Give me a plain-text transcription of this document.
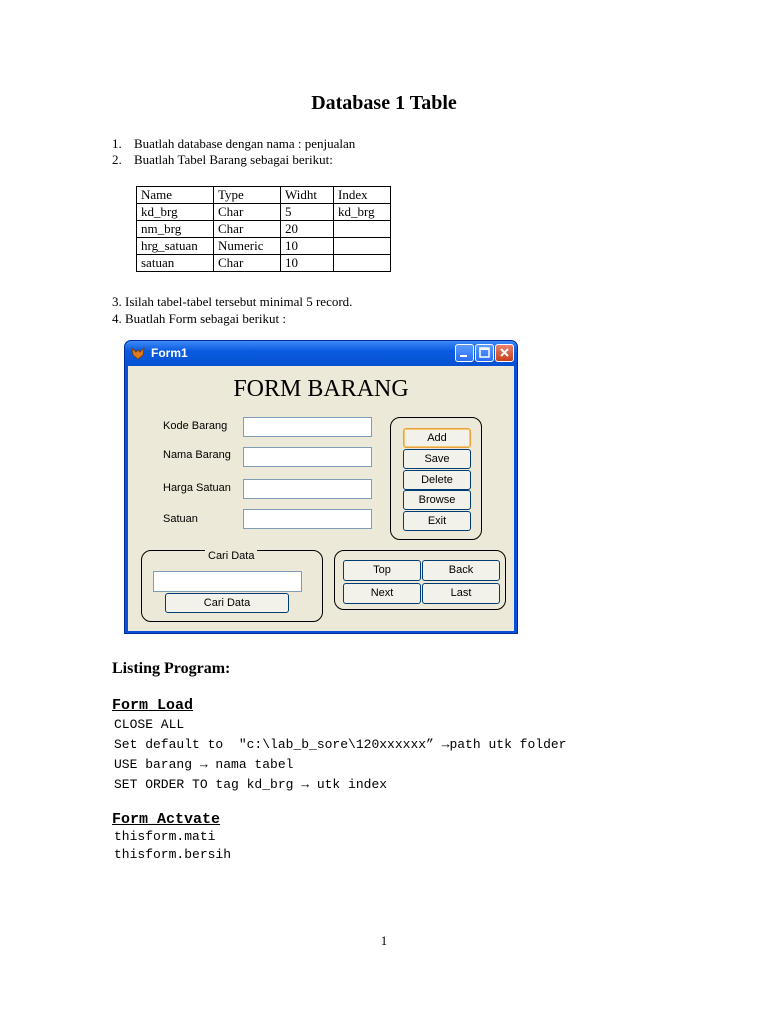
Database 1 Table
1. Buatlah database dengan nama : penjualan
2. Buatlah Tabel Barang sebagai berikut:
Name	Type	Widht	Index
kd_brg	Char	5	kd_brg
nm_brg	Char	20	
hrg_satuan	Numeric	10	
satuan	Char	10	
3. Isilah tabel-tabel tersebut minimal 5 record.
4. Buatlah Form sebagai berikut :
Form1
FORM BARANG
Kode Barang
Nama Barang
Harga Satuan
Satuan
Add
Save
Delete
Browse
Exit
Cari Data
Cari Data
Top	Back
Next	Last
Listing Program:
Form Load
CLOSE ALL
Set default to  "c:\lab_b_sore\120xxxxxx” →path utk folder
USE barang → nama tabel
SET ORDER TO tag kd_brg → utk index
Form_Actvate
thisform.mati
thisform.bersih
1
